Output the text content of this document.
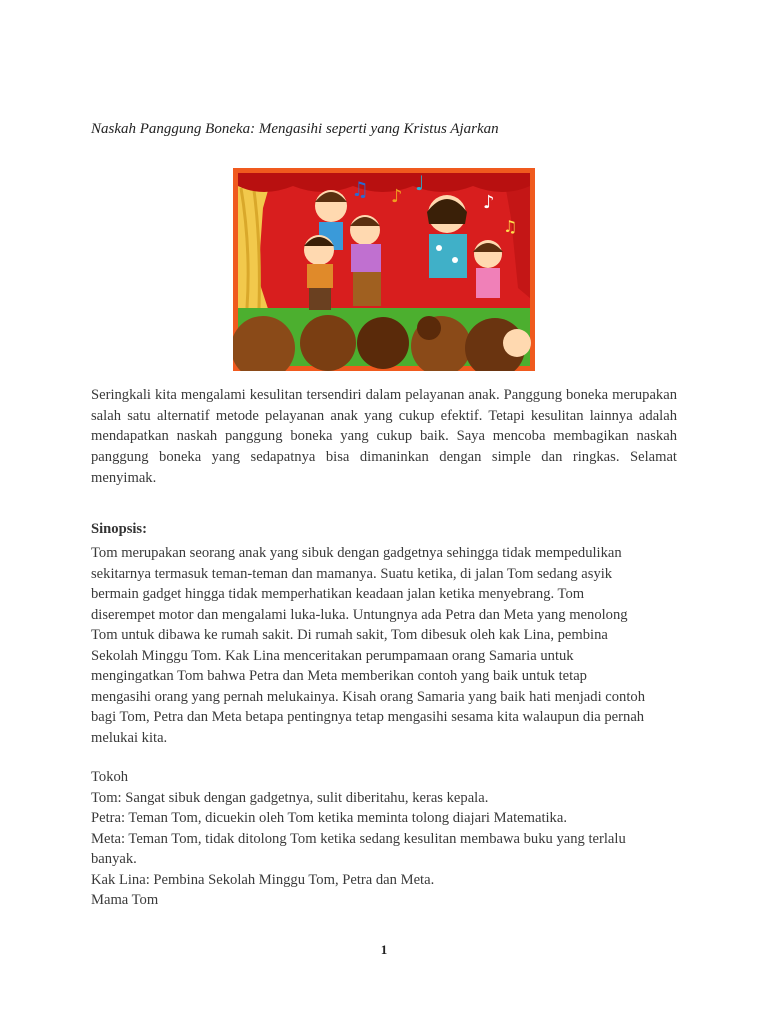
Naskah Panggung Boneka: Mengasihi seperti yang Kristus Ajarkan
♫ ♪
♩
♪
♫

Seringkali kita mengalami kesulitan tersendiri dalam pelayanan anak. Panggung boneka merupakan salah satu alternatif metode pelayanan anak yang cukup efektif. Tetapi kesulitan lainnya adalah mendapatkan naskah panggung boneka yang cukup baik. Saya mencoba membagikan naskah panggung boneka yang sedapatnya bisa dimaninkan dengan simple dan ringkas. Selamat menyimak.

Sinopsis:
Tom merupakan seorang anak yang sibuk dengan gadgetnya sehingga tidak mempedulikan
sekitarnya termasuk teman-teman dan mamanya. Suatu ketika, di jalan Tom sedang asyik
bermain gadget hingga tidak memperhatikan keadaan jalan ketika menyebrang. Tom
diserempet motor dan mengalami luka-luka. Untungnya ada Petra dan Meta yang menolong
Tom untuk dibawa ke rumah sakit. Di rumah sakit, Tom dibesuk oleh kak Lina, pembina
Sekolah Minggu Tom. Kak Lina menceritakan perumpamaan orang Samaria untuk
mengingatkan Tom bahwa Petra dan Meta memberikan contoh yang baik untuk tetap
mengasihi orang yang pernah melukainya. Kisah orang Samaria yang baik hati menjadi contoh
bagi Tom, Petra dan Meta betapa pentingnya tetap mengasihi sesama kita walaupun dia pernah
melukai kita.
Tokoh
Tom: Sangat sibuk dengan gadgetnya, sulit diberitahu, keras kepala.
Petra: Teman Tom, dicuekin oleh Tom ketika meminta tolong diajari Matematika.
Meta: Teman Tom, tidak ditolong Tom ketika sedang kesulitan membawa buku yang terlalu
banyak.
Kak Lina: Pembina Sekolah Minggu Tom, Petra dan Meta.
Mama Tom
1
